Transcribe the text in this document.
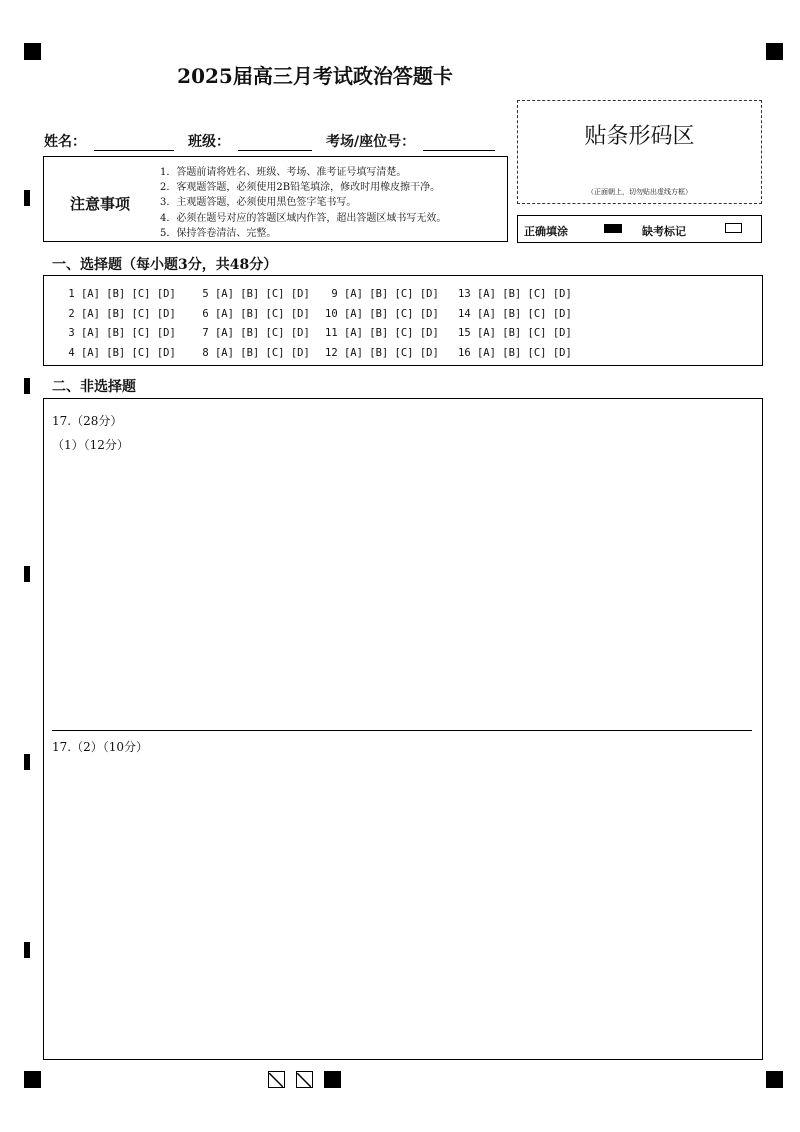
2025届高三月考试政治答题卡
姓名：	班级：	考场/座位号：	贴条形码区
（正面朝上，切勿贴出虚线方框）
正确填涂	缺考标记
注意事项
1．答题前请将姓名、班级、考场、准考证号填写清楚。
2．客观题答题，必须使用2B铅笔填涂，修改时用橡皮擦干净。
3．主观题答题，必须使用黑色签字笔书写。
4．必须在题号对应的答题区域内作答，超出答题区域书写无效。
5．保持答卷清洁、完整。
一、选择题（每小题3分，共48分）
1 [A] [B] [C] [D]
2 [A] [B] [C] [D]
3 [A] [B] [C] [D]
4 [A] [B] [C] [D]
5 [A] [B] [C] [D]
6 [A] [B] [C] [D]
7 [A] [B] [C] [D]
8 [A] [B] [C] [D]
9 [A] [B] [C] [D]
10 [A] [B] [C] [D]
11 [A] [B] [C] [D]
12 [A] [B] [C] [D]
13 [A] [B] [C] [D]
14 [A] [B] [C] [D]
15 [A] [B] [C] [D]
16 [A] [B] [C] [D]
二、非选择题
17.（28分）
（1）（12分）
17.（2）（10分）
